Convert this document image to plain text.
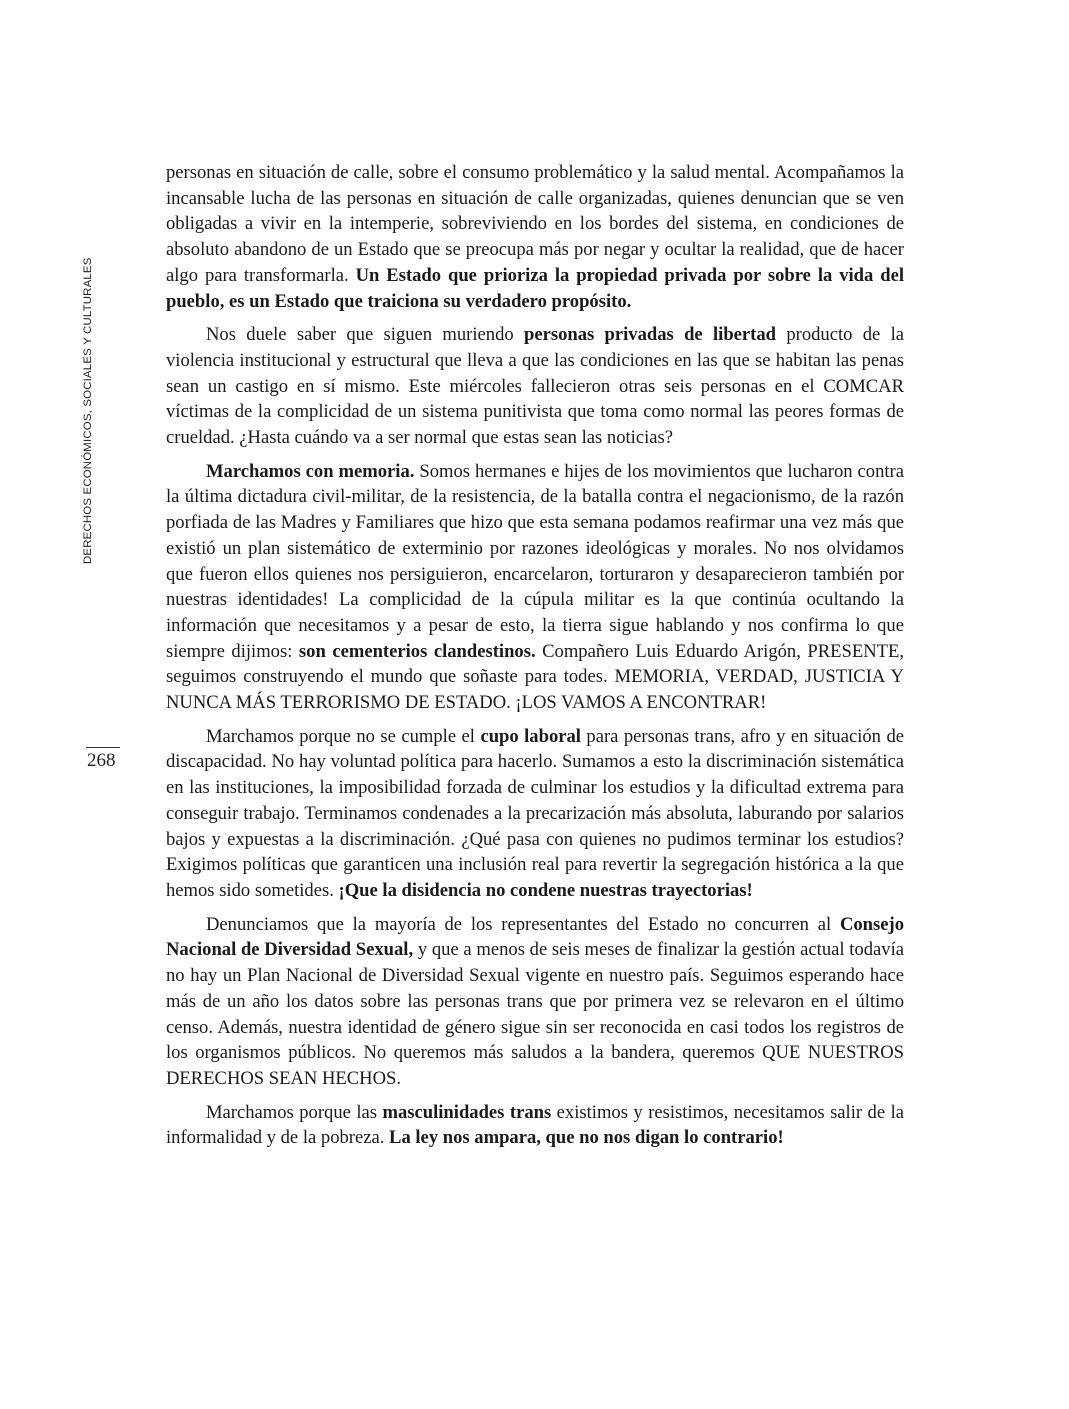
DERECHOS ECONÓMICOS, SOCIALES Y CULTURALES
268

personas en situación de calle, sobre el consumo problemático y la salud mental. Acompañamos la incansable lucha de las personas en situación de calle organizadas, quienes denuncian que se ven obligadas a vivir en la intemperie, sobreviviendo en los bordes del sistema, en condiciones de absoluto abandono de un Estado que se preocupa más por negar y ocultar la realidad, que de hacer algo para transformarla. Un Estado que prioriza la propiedad privada por sobre la vida del pueblo, es un Estado que traiciona su verdadero propósito.

Nos duele saber que siguen muriendo personas privadas de libertad producto de la violencia institucional y estructural que lleva a que las condiciones en las que se habitan las penas sean un castigo en sí mismo. Este miércoles fallecieron otras seis personas en el COMCAR víctimas de la complicidad de un sistema punitivista que toma como normal las peores formas de crueldad. ¿Hasta cuándo va a ser normal que estas sean las noticias?

Marchamos con memoria. Somos hermanes e hijes de los movimientos que lucharon contra la última dictadura civil-militar, de la resistencia, de la batalla contra el negacionismo, de la razón porfiada de las Madres y Familiares que hizo que esta semana podamos reafirmar una vez más que existió un plan sistemático de exterminio por razones ideológicas y morales. No nos olvidamos que fueron ellos quienes nos persiguieron, encarcelaron, torturaron y desaparecieron también por nuestras identidades! La complicidad de la cúpula militar es la que continúa ocultando la información que necesitamos y a pesar de esto, la tierra sigue hablando y nos confirma lo que siempre dijimos: son cementerios clandestinos. Compañero Luis Eduardo Arigón, PRESENTE, seguimos construyendo el mundo que soñaste para todes. MEMORIA, VERDAD, JUSTICIA Y NUNCA MÁS TERRORISMO DE ESTADO. ¡LOS VAMOS A ENCONTRAR!

Marchamos porque no se cumple el cupo laboral para personas trans, afro y en situación de discapacidad. No hay voluntad política para hacerlo. Sumamos a esto la discriminación sistemática en las instituciones, la imposibilidad forzada de culminar los estudios y la dificultad extrema para conseguir trabajo. Terminamos condenades a la precarización más absoluta, laburando por salarios bajos y expuestas a la discriminación. ¿Qué pasa con quienes no pudimos terminar los estudios? Exigimos políticas que garanticen una inclusión real para revertir la segregación histórica a la que hemos sido sometides. ¡Que la disidencia no condene nuestras trayectorias!

Denunciamos que la mayoría de los representantes del Estado no concurren al Consejo Nacional de Diversidad Sexual, y que a menos de seis meses de finalizar la gestión actual todavía no hay un Plan Nacional de Diversidad Sexual vigente en nuestro país. Seguimos esperando hace más de un año los datos sobre las personas trans que por primera vez se relevaron en el último censo. Además, nuestra identidad de género sigue sin ser reconocida en casi todos los registros de los organismos públicos. No queremos más saludos a la bandera, queremos QUE NUESTROS DERECHOS SEAN HECHOS.

Marchamos porque las masculinidades trans existimos y resistimos, necesitamos salir de la informalidad y de la pobreza. La ley nos ampara, que no nos digan lo contrario!
